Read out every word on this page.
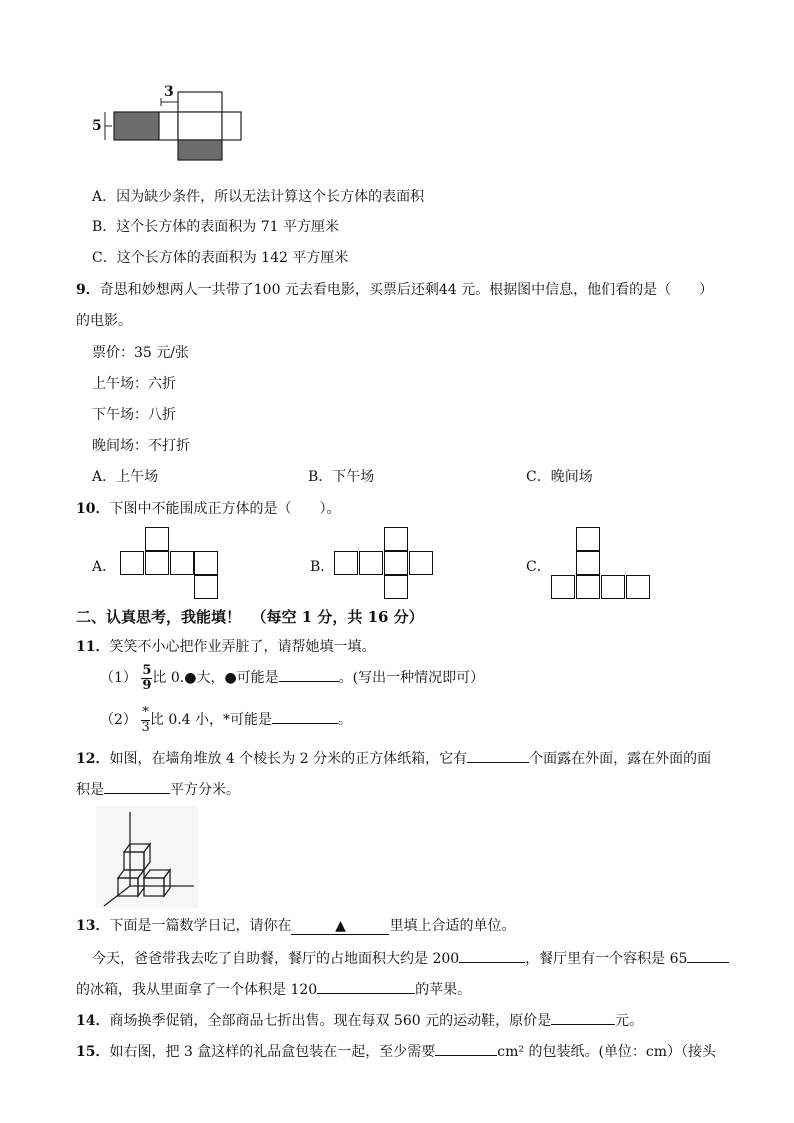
3
5
A．因为缺少条件，所以无法计算这个长方体的表面积
B．这个长方体的表面积为 71 平方厘米
C．这个长方体的表面积为 142 平方厘米
9．奇思和妙想两人一共带了100 元去看电影，买票后还剩44 元。根据图中信息，他们看的是（　　）
的电影。
票价：35 元/张
上午场：六折
下午场：八折
晚间场：不打折
A．上午场	B．下午场	C．晚间场
10．下图中不能围成正方体的是（　　）。
A．	B．	C．
二、认真思考，我能填！ （每空 1 分，共 16 分）
11．笑笑不小心把作业弄脏了，请帮她填一填。
$(1) \frac{5}{9}$ 比 0.●大，●可能是	。(写出一种情况即可）
$(2) \frac{*}{3}$ 比 0.4 小，*可能是	。
12．如图，在墙角堆放 4 个棱长为 2 分米的正方体纸箱，它有	个面露在外面，露在外面的面
积是	平方分米。
13．下面是一篇数学日记，请你在	▲	里填上合适的单位。
今天，爸爸带我去吃了自助餐，餐厅的占地面积大约是 200	，餐厅里有一个容积是 65
的冰箱，我从里面拿了一个体积是 120	的苹果。
14．商场换季促销，全部商品七折出售。现在每双 560 元的运动鞋，原价是	元。
15．如右图，把 3 盒这样的礼品盒包装在一起，至少需要	cm² 的包装纸。(单位：cm）（接头
